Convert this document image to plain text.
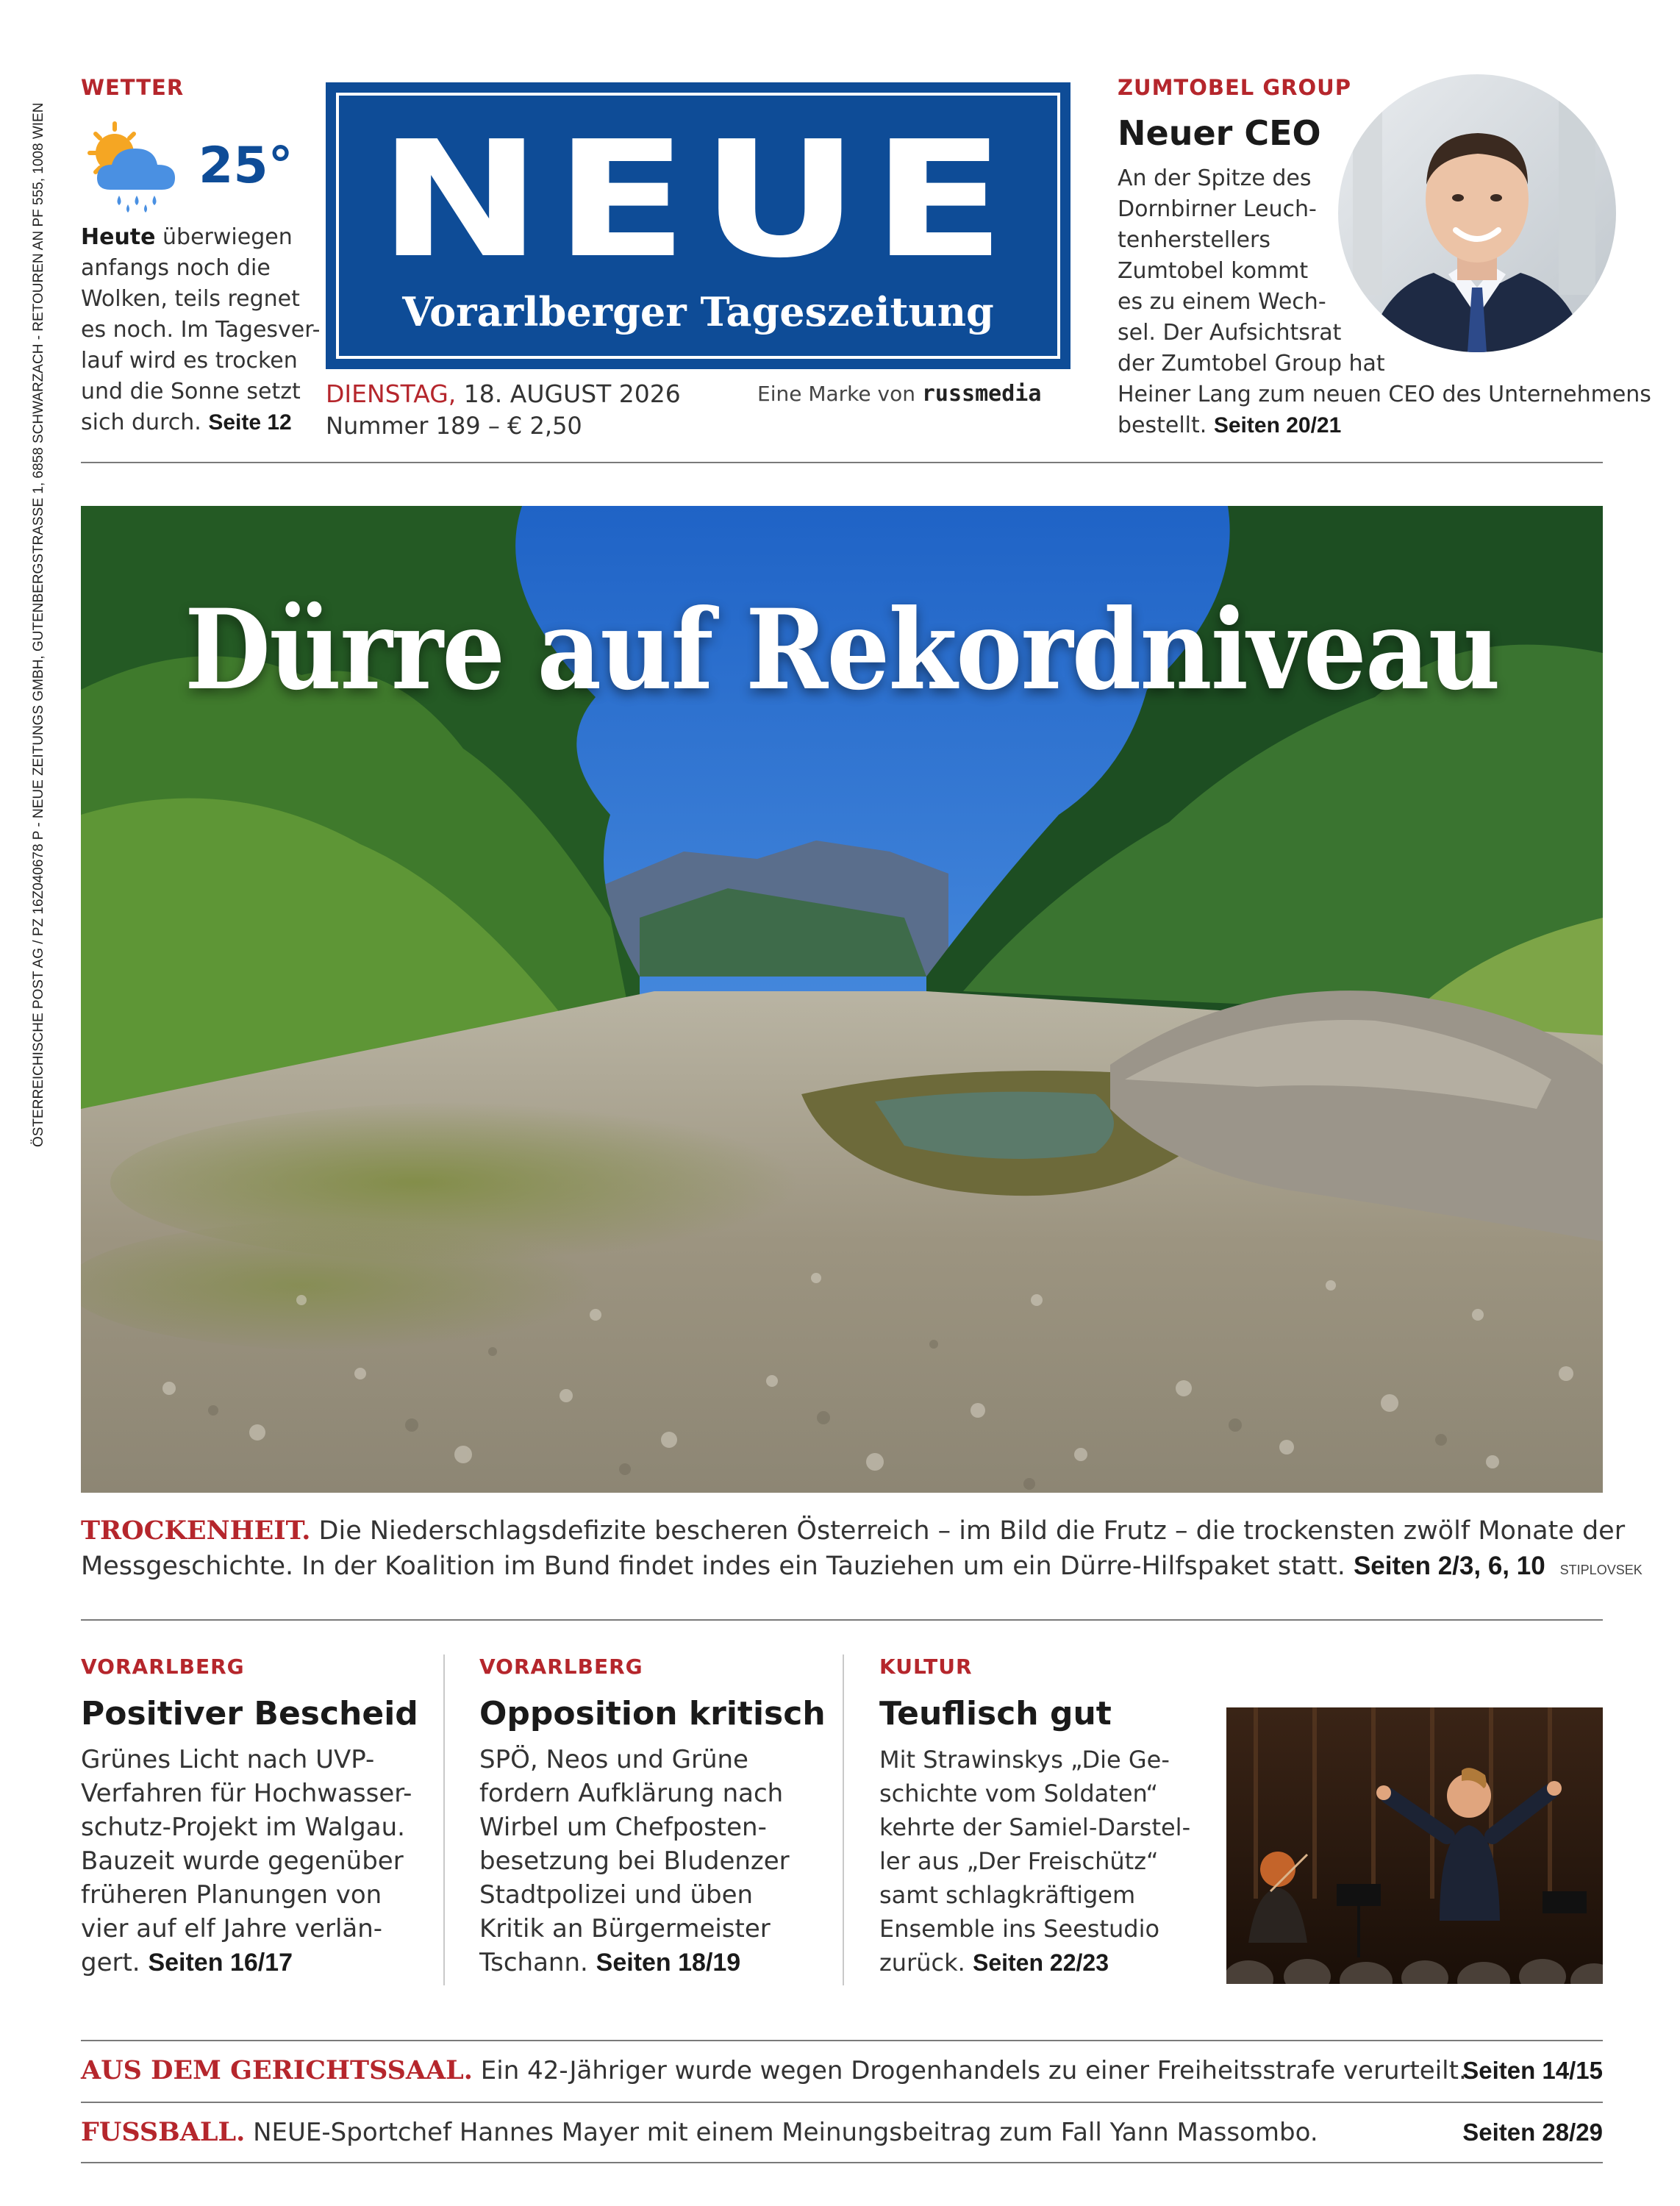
ÖSTERREICHISCHE POST AG / PZ 16Z040678 P - NEUE ZEITUNGS GMBH, GUTENBERGSTRASSE 1, 6858 SCHWARZACH - RETOUREN AN PF 555, 1008 WIEN
WETTER
25°
Heute überwiegen
anfangs noch die
Wolken, teils regnet
es noch. Im Tagesver-
lauf wird es trocken
und die Sonne setzt
sich durch. Seite 12
NEUE
Vorarlberger Tageszeitung
DIENSTAG, 18. AUGUST 2026
Nummer 189 – € 2,50
Eine Marke von russmedia
ZUMTOBEL GROUP
Neuer CEO
An der Spitze des
Dornbirner Leuch-
tenherstellers
Zumtobel kommt
es zu einem Wech-
sel. Der Aufsichtsrat
der Zumtobel Group hat
Heiner Lang zum neuen CEO des Unternehmens
bestellt. Seiten 20/21
Dürre auf Rekordniveau
TROCKENHEIT. Die Niederschlagsdefizite bescheren Österreich – im Bild die Frutz – die trockensten zwölf Monate der
Messgeschichte. In der Koalition im Bund findet indes ein Tauziehen um ein Dürre-Hilfspaket statt. Seiten 2/3, 6, 10 STIPLOVSEK
VORARLBERG
Positiver Bescheid
Grünes Licht nach UVP-
Verfahren für Hochwasser-
schutz-Projekt im Walgau.
Bauzeit wurde gegenüber
früheren Planungen von
vier auf elf Jahre verlän-
gert. Seiten 16/17
VORARLBERG
Opposition kritisch
SPÖ, Neos und Grüne
fordern Aufklärung nach
Wirbel um Chefposten-
besetzung bei Bludenzer
Stadtpolizei und üben
Kritik an Bürgermeister
Tschann. Seiten 18/19
KULTUR
Teuflisch gut
Mit Strawinskys „Die Ge-
schichte vom Soldaten“
kehrte der Samiel-Darstel-
ler aus „Der Freischütz“
samt schlagkräftigem
Ensemble ins Seestudio
zurück. Seiten 22/23
AUS DEM GERICHTSSAAL. Ein 42-Jähriger wurde wegen Drogenhandels zu einer Freiheitsstrafe verurteilt.
Seiten 14/15
FUSSBALL. NEUE-Sportchef Hannes Mayer mit einem Meinungsbeitrag zum Fall Yann Massombo.	Seiten 28/29
